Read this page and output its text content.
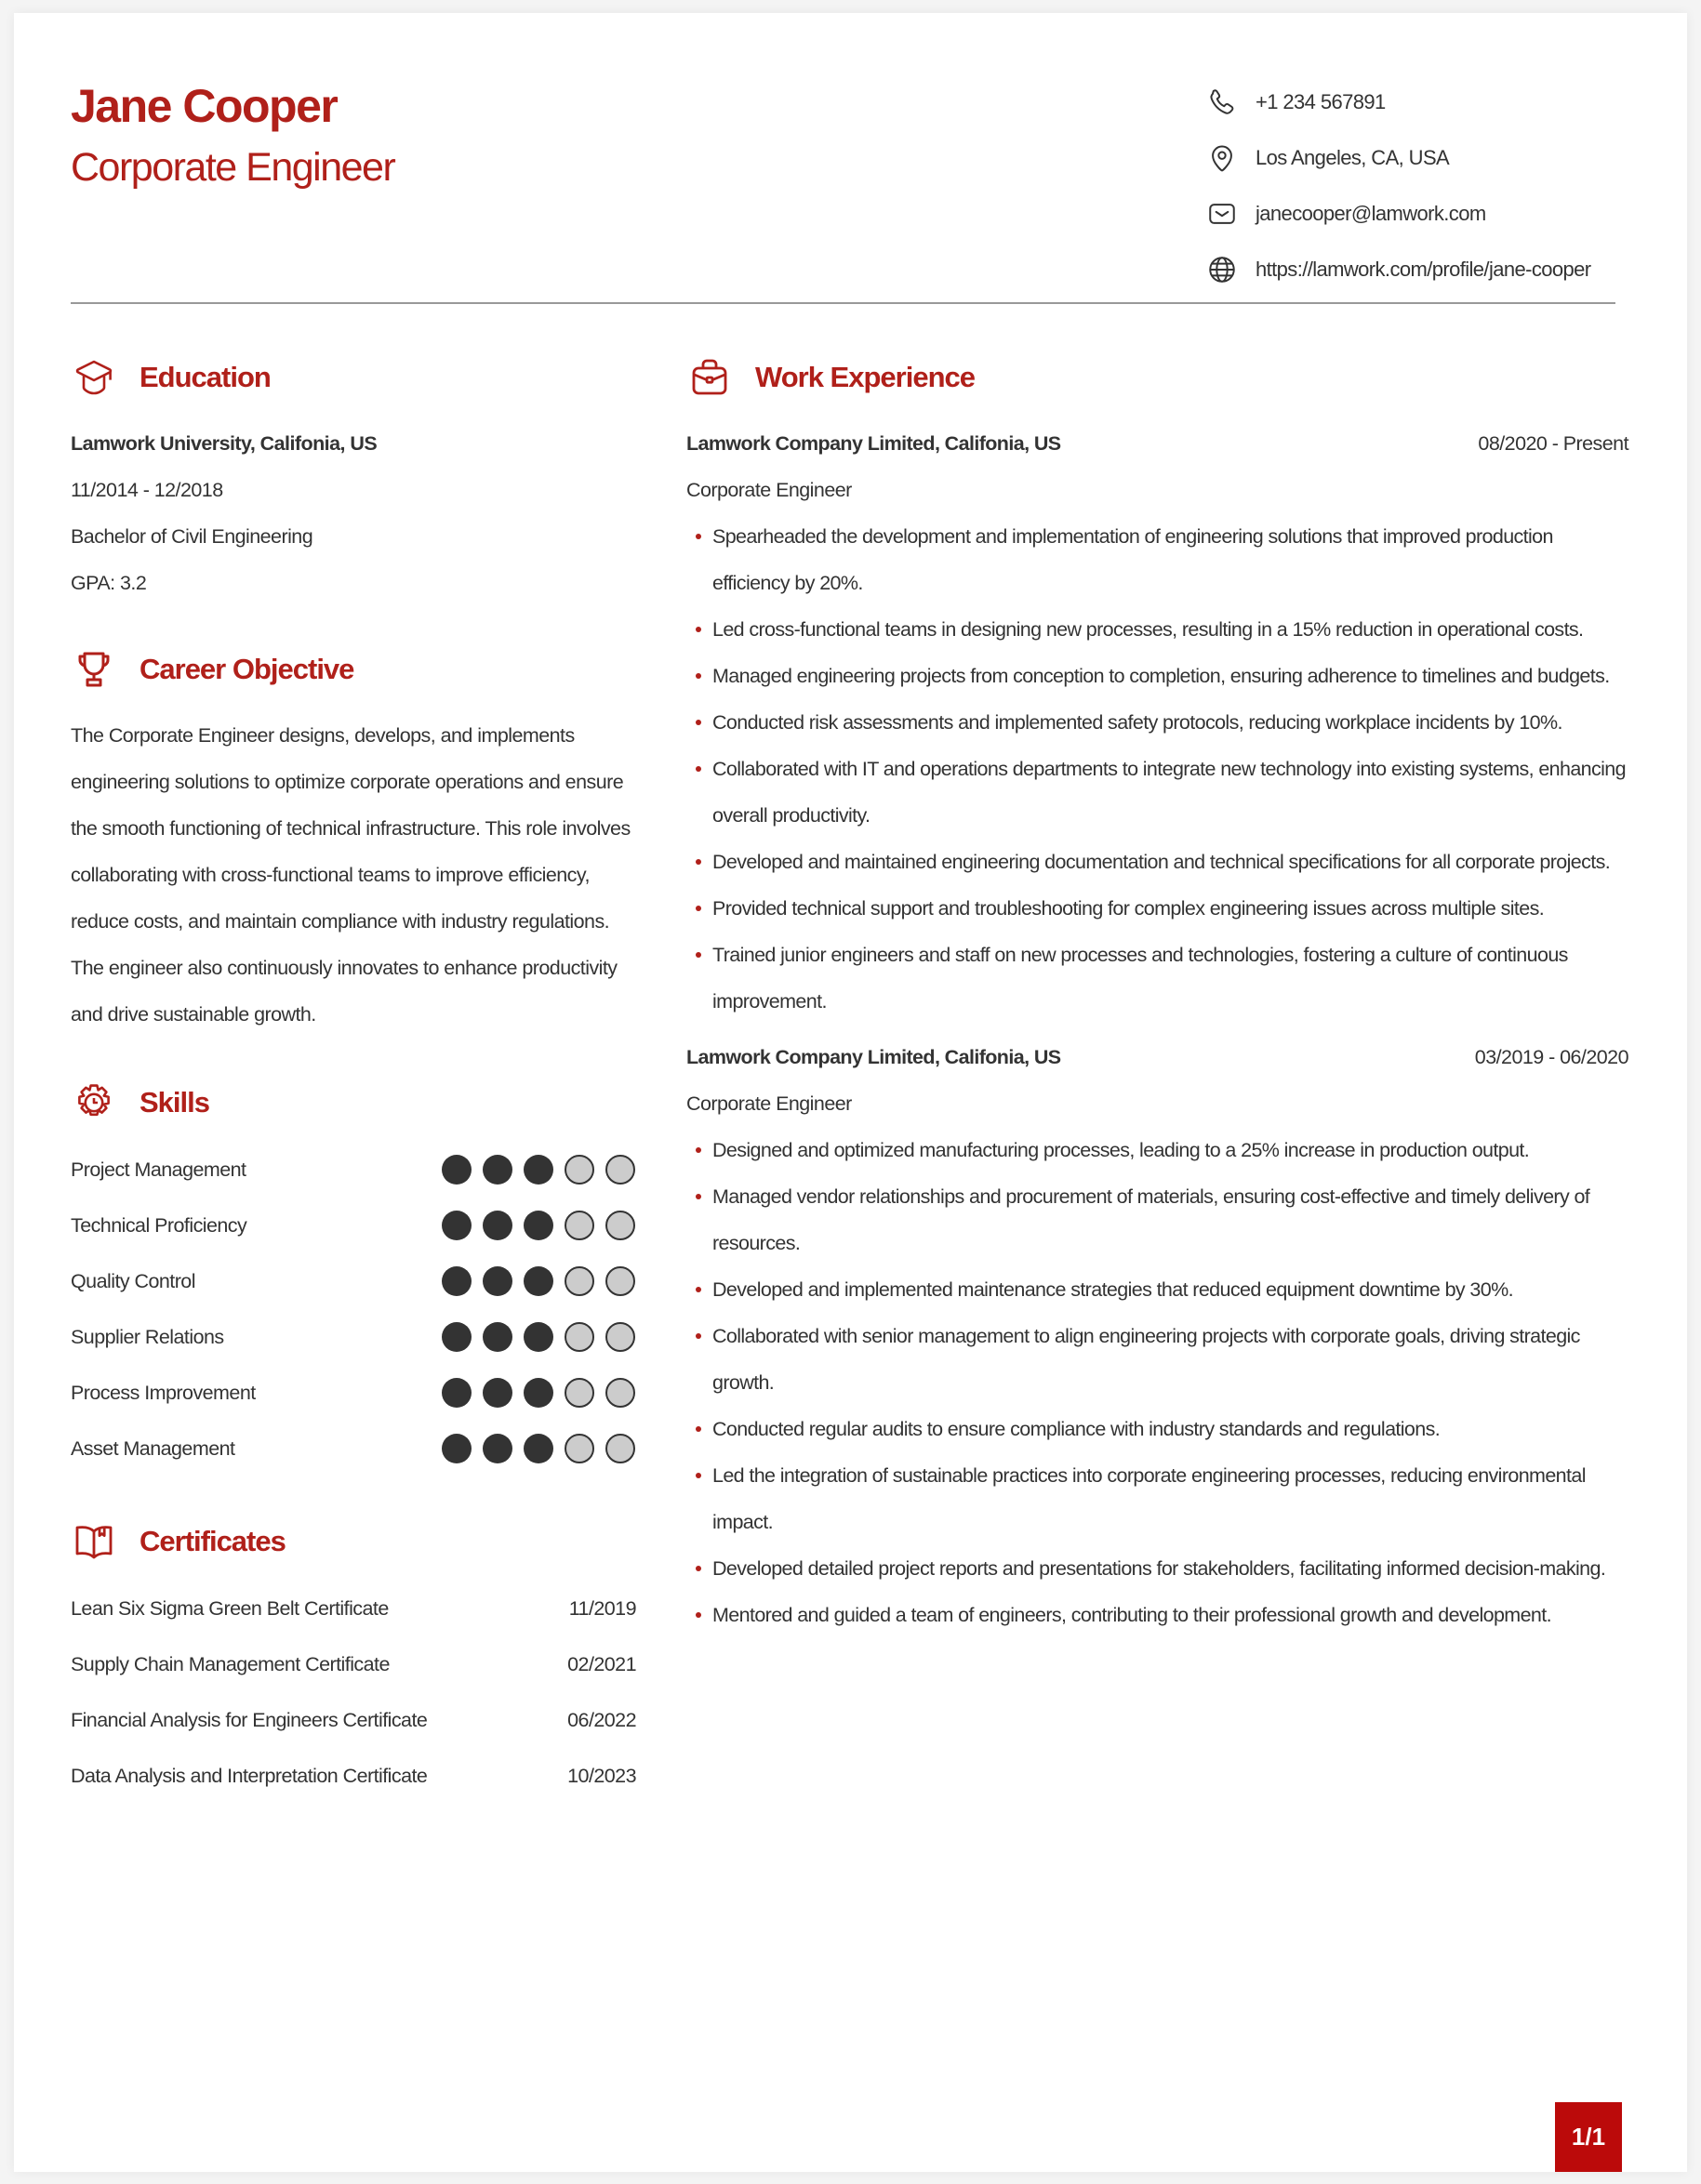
Jane Cooper
Corporate Engineer
+1 234 567891
Los Angeles, CA, USA
janecooper@lamwork.com
https://lamwork.com/profile/jane-cooper
Education
Lamwork University, Califonia, US
11/2014 - 12/2018
Bachelor of Civil Engineering
GPA: 3.2
Career Objective

The Corporate Engineer designs, develops, and implements engineering solutions to optimize corporate operations and ensure the smooth functioning of technical infrastructure. This role involves collaborating with cross-functional teams to improve efficiency, reduce costs, and maintain compliance with industry regulations. The engineer also continuously innovates to enhance productivity and drive sustainable growth.

Skills
Project Management
Technical Proficiency
Quality Control
Supplier Relations
Process Improvement
Asset Management
Certificates
Lean Six Sigma Green Belt Certificate	11/2019
Supply Chain Management Certificate	02/2021
Financial Analysis for Engineers Certificate	06/2022
Data Analysis and Interpretation Certificate	10/2023
Work Experience
Lamwork Company Limited, Califonia, US	08/2020 - Present
Corporate Engineer
Spearheaded the development and implementation of engineering solutions that improved production efficiency by 20%.
Led cross-functional teams in designing new processes, resulting in a 15% reduction in operational costs.
Managed engineering projects from conception to completion, ensuring adherence to timelines and budgets.
Conducted risk assessments and implemented safety protocols, reducing workplace incidents by 10%.
Collaborated with IT and operations departments to integrate new technology into existing systems, enhancing overall productivity.
Developed and maintained engineering documentation and technical specifications for all corporate projects.
Provided technical support and troubleshooting for complex engineering issues across multiple sites.
Trained junior engineers and staff on new processes and technologies, fostering a culture of continuous improvement.
Lamwork Company Limited, Califonia, US	03/2019 - 06/2020
Corporate Engineer
Designed and optimized manufacturing processes, leading to a 25% increase in production output.
Managed vendor relationships and procurement of materials, ensuring cost-effective and timely delivery of resources.
Developed and implemented maintenance strategies that reduced equipment downtime by 30%.
Collaborated with senior management to align engineering projects with corporate goals, driving strategic growth.
Conducted regular audits to ensure compliance with industry standards and regulations.
Led the integration of sustainable practices into corporate engineering processes, reducing environmental impact.
Developed detailed project reports and presentations for stakeholders, facilitating informed decision-making.
Mentored and guided a team of engineers, contributing to their professional growth and development.
1/1
